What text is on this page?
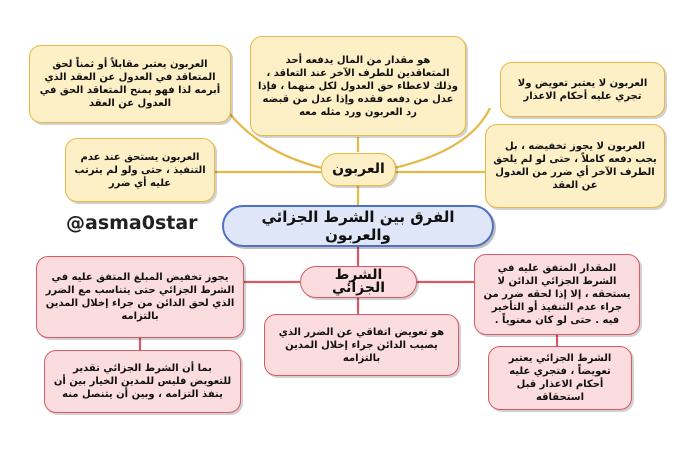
العربون يعتبر مقابلاً أو ثمناً لحق المتعاقد في العدول عن العقد الذي أبرمه لذا فهو يمنح المتعاقد الحق في العدول عن العقد
هو مقدار من المال يدفعه أحد المتعاقدين للطرف الآخر عند التعاقد ، وذلك لاعطاء حق العدول لكل منهما ، فإذا عدل من دفعه فقده وإذا عدل من قبضه رد العربون ورد مثله معه
العربون لا يعتبر تعويض ولا تجري عليه أحكام الاعذار
العربون يستحق عند عدم التنفيذ ، حتى ولو لم يترتب عليه أي ضرر
العربون لا يجوز تخفيضه ، بل يجب دفعه كاملاً ، حتى لو لم يلحق الطرف الآخر أي ضرر من العدول عن العقد
العربون
الفرق بين الشرط الجزائي والعربون
@asma0star
الشرط الجزائي
يجوز تخفيض المبلغ المتفق عليه في الشرط الجزائي حتى يتناسب مع الضرر الذي لحق الدائن من جراء إخلال المدين بالتزامه
هو تعويض اتفاقي عن الضرر الذي يصيب الدائن جراء إخلال المدين بالتزامه
المقدار المتفق عليه في الشرط الجزائي الدائن لا يستحقه ، إلا إذا لحقه ضرر من جراء عدم التنفيذ أو التأخير فيه . حتى لو كان معنوياً .
بما أن الشرط الجزائي تقدير للتعويض فليس للمدين الخيار بين أن ينفذ التزامه ، وبين أن يتنصل منه
الشرط الجزائي يعتبر تعويضاً ، فتجري عليه أحكام الاعذار قبل استحقاقه
